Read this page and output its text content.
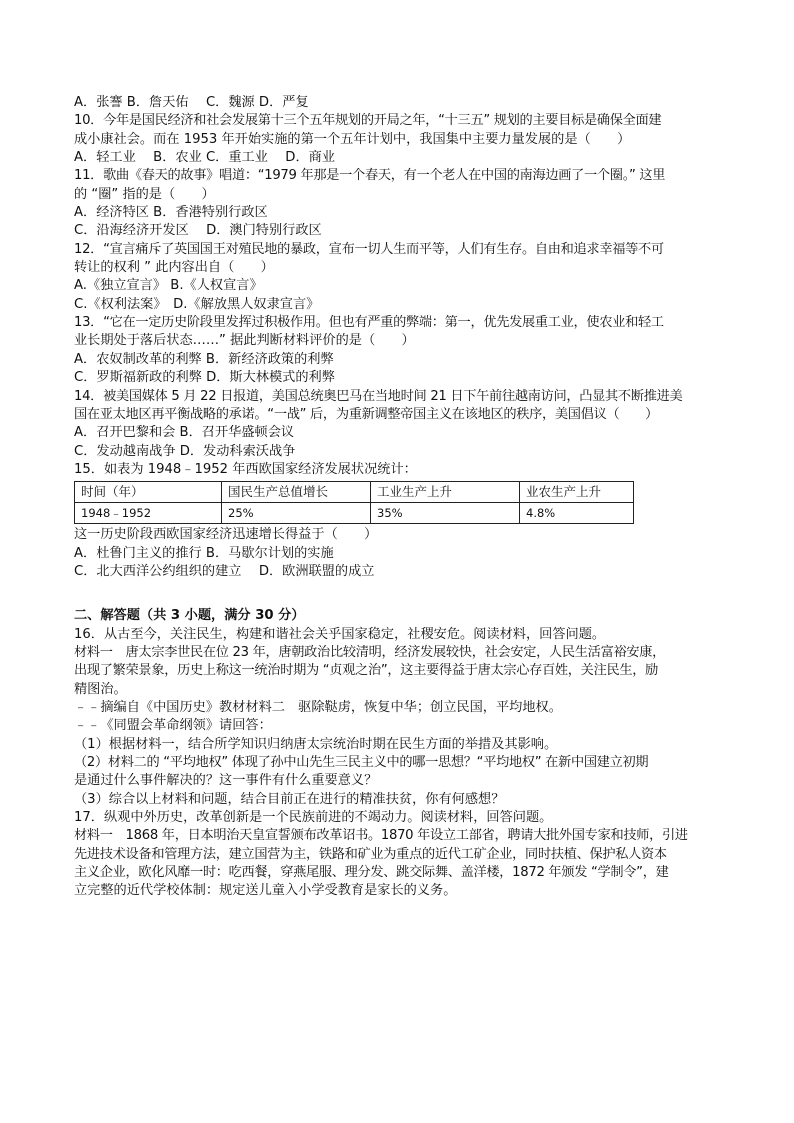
A．张謇 B．詹天佑　 C．魏源 D．严复
10．今年是国民经济和社会发展第十三个五年规划的开局之年，“十三五” 规划的主要目标是确保全面建
成小康社会。而在 1953 年开始实施的第一个五年计划中，我国集中主要力量发展的是（　　）
A．轻工业　 B．农业 C．重工业　 D．商业
11．歌曲《春天的故事》唱道：“1979 年那是一个春天，有一个老人在中国的南海边画了一个圈。” 这里
的 “圈” 指的是（　　）
A．经济特区 B．香港特别行政区
C．沿海经济开发区　 D．澳门特别行政区
12．“宣言痛斥了英国国王对殖民地的暴政，宣布一切人生而平等，人们有生存。自由和追求幸福等不可
转让的权利 ” 此内容出自（　　）
A.《独立宣言》 B.《人权宣言》
C.《权利法案》　D.《解放黑人奴隶宣言》
13．“它在一定历史阶段里发挥过积极作用。但也有严重的弊端：第一，优先发展重工业，使农业和轻工
业长期处于落后状态……” 据此判断材料评价的是（　　）
A．农奴制改革的利弊 B．新经济政策的利弊
C．罗斯福新政的利弊 D．斯大林模式的利弊
14．被美国媒体 5 月 22 日报道，美国总统奥巴马在当地时间 21 日下午前往越南访问，凸显其不断推进美
国在亚太地区再平衡战略的承诺。“一战” 后，为重新调整帝国主义在该地区的秩序，美国倡议（　　）
A．召开巴黎和会 B．召开华盛顿会议
C．发动越南战争 D．发动科索沃战争
15．如表为 1948﹣1952 年西欧国家经济发展状况统计：
时间（年）	国民生产总值增长	工业生产上升	业农生产上升
1948﹣1952	25%	35%	4.8%
这一历史阶段西欧国家经济迅速增长得益于（　　）
A．杜鲁门主义的推行 B．马歇尔计划的实施
C．北大西洋公约组织的建立　 D．欧洲联盟的成立
二、解答题（共 3 小题，满分 30 分）
16．从古至今，关注民生，构建和谐社会关乎国家稳定，社稷安危。阅读材料，回答问题。
材料一　唐太宗李世民在位 23 年，唐朝政治比较清明，经济发展较快，社会安定，人民生活富裕安康，
出现了繁荣景象，历史上称这一统治时期为 “贞观之治”，这主要得益于唐太宗心存百姓，关注民生，励
精图治。
﹣﹣摘编自《中国历史》教材材料二　驱除鞑虏，恢复中华；创立民国，平均地权。
﹣﹣《同盟会革命纲领》请回答：
（1）根据材料一，结合所学知识归纳唐太宗统治时期在民生方面的举措及其影响。
（2）材料二的 “平均地权” 体现了孙中山先生三民主义中的哪一思想？“平均地权” 在新中国建立初期
是通过什么事件解决的？这一事件有什么重要意义？
（3）综合以上材料和问题，结合目前正在进行的精准扶贫，你有何感想？
17．纵观中外历史，改革创新是一个民族前进的不竭动力。阅读材料，回答问题。
材料一　1868 年，日本明治天皇宣誓颁布改革诏书。1870 年设立工部省，聘请大批外国专家和技师，引进
先进技术设备和管理方法，建立国营为主，铁路和矿业为重点的近代工矿企业，同时扶植、保护私人资本
主义企业，欧化风靡一时：吃西餐，穿燕尾服、理分发、跳交际舞、盖洋楼，1872 年颁发 “学制令”，建
立完整的近代学校体制：规定送儿童入小学受教育是家长的义务。
